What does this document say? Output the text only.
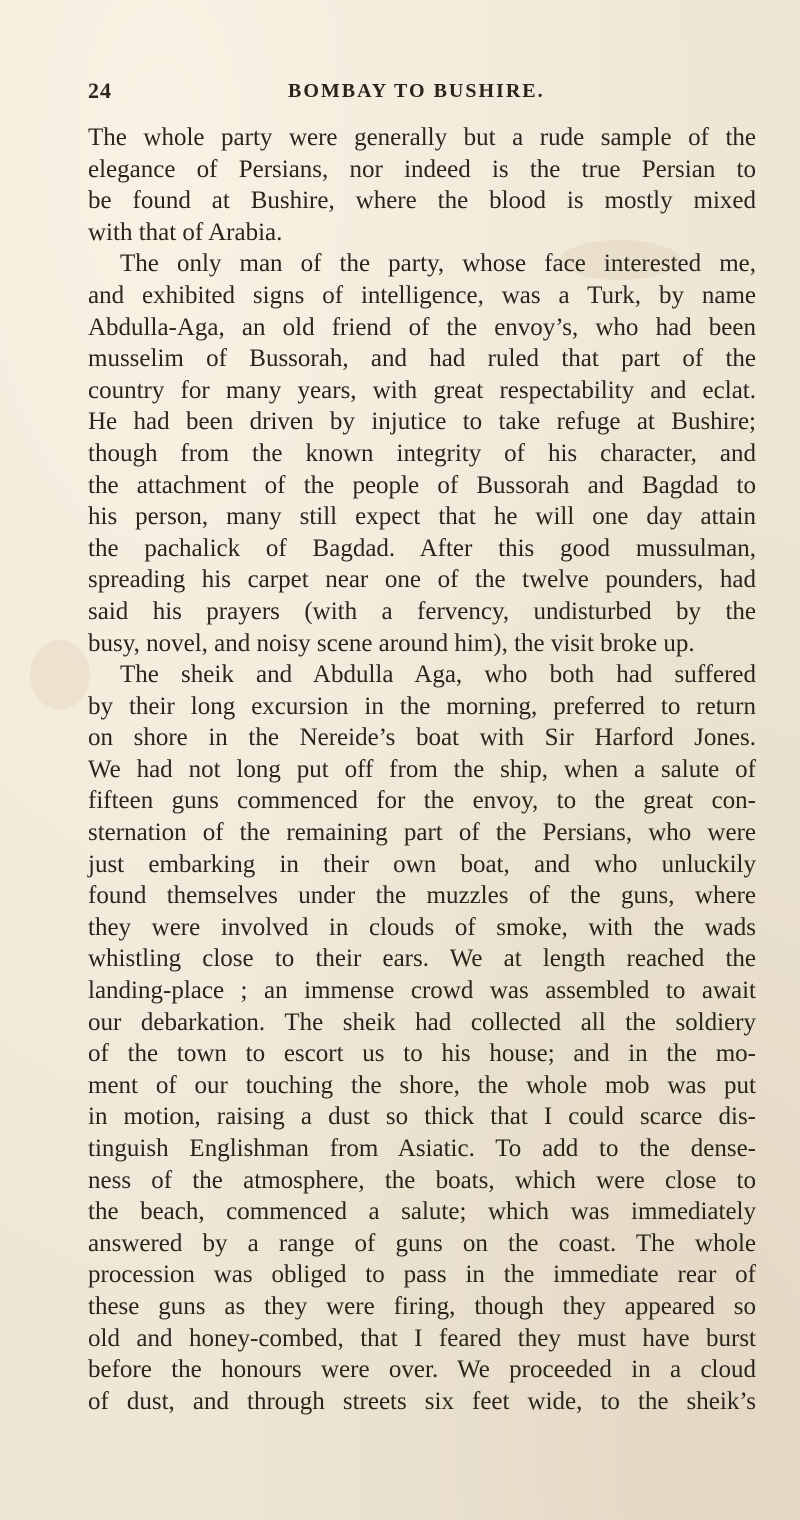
24	BOMBAY TO BUSHIRE.
The whole party were generally but a rude sample of the
elegance of Persians, nor indeed is the true Persian to
be found at Bushire, where the blood is mostly mixed
with that of Arabia.
The only man of the party, whose face interested me,
and exhibited signs of intelligence, was a Turk, by name
Abdulla-Aga, an old friend of the envoy’s, who had been
musselim of Bussorah, and had ruled that part of the
country for many years, with great respectability and eclat.
He had been driven by injutice to take refuge at Bushire;
though from the known integrity of his character, and
the attachment of the people of Bussorah and Bagdad to
his person, many still expect that he will one day attain
the pachalick of Bagdad. After this good mussulman,
spreading his carpet near one of the twelve pounders, had
said his prayers (with a fervency, undisturbed by the
busy, novel, and noisy scene around him), the visit broke up.
The sheik and Abdulla Aga, who both had suffered
by their long excursion in the morning, preferred to return
on shore in the Nereide’s boat with Sir Harford Jones.
We had not long put off from the ship, when a salute of
fifteen guns commenced for the envoy, to the great con-
sternation of the remaining part of the Persians, who were
just embarking in their own boat, and who unluckily
found themselves under the muzzles of the guns, where
they were involved in clouds of smoke, with the wads
whistling close to their ears. We at length reached the
landing-place ; an immense crowd was assembled to await
our debarkation. The sheik had collected all the soldiery
of the town to escort us to his house; and in the mo-
ment of our touching the shore, the whole mob was put
in motion, raising a dust so thick that I could scarce dis-
tinguish Englishman from Asiatic. To add to the dense-
ness of the atmosphere, the boats, which were close to
the beach, commenced a salute; which was immediately
answered by a range of guns on the coast. The whole
procession was obliged to pass in the immediate rear of
these guns as they were firing, though they appeared so
old and honey-combed, that I feared they must have burst
before the honours were over. We proceeded in a cloud
of dust, and through streets six feet wide, to the sheik’s
